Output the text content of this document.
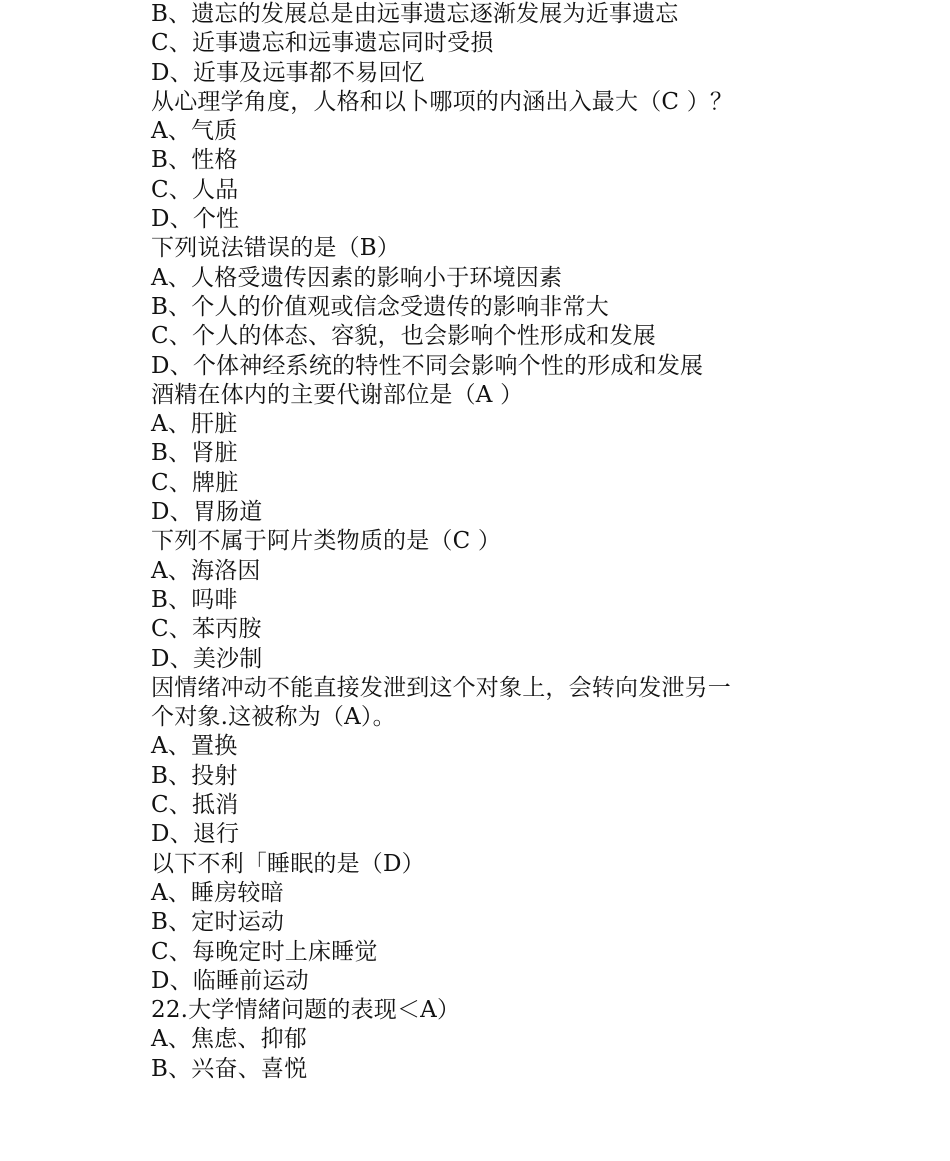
B、遗忘的发展总是由远事遗忘逐渐发展为近事遗忘
C、近事遗忘和远事遗忘同时受损
D、近事及远事都不易回忆
从心理学角度，人格和以卜哪项的内涵出入最大（C ）？
A、气质
B、性格
C、人品
D、个性
下列说法错误的是（B）
A、人格受遗传因素的影响小于环境因素
B、个人的价值观或信念受遗传的影响非常大
C、个人的体态、容貌，也会影响个性形成和发展
D、个体神经系统的特性不同会影响个性的形成和发展
酒精在体内的主要代谢部位是（A ）
A、肝脏
B、肾脏
C、牌脏
D、胃肠道
下列不属于阿片类物质的是（C ）
A、海洛因
B、吗啡
C、苯丙胺
D、美沙制
因情绪冲动不能直接发泄到这个对象上，会转向发泄另一
个对象.这被称为（A）。
A、置换
B、投射
C、抵消
D、退行
以下不利「睡眠的是（D）
A、睡房较暗
B、定时运动
C、每晚定时上床睡觉
D、临睡前运动
22.大学情緒问题的表现＜A）
A、焦虑、抑郁
B、兴奋、喜悦
